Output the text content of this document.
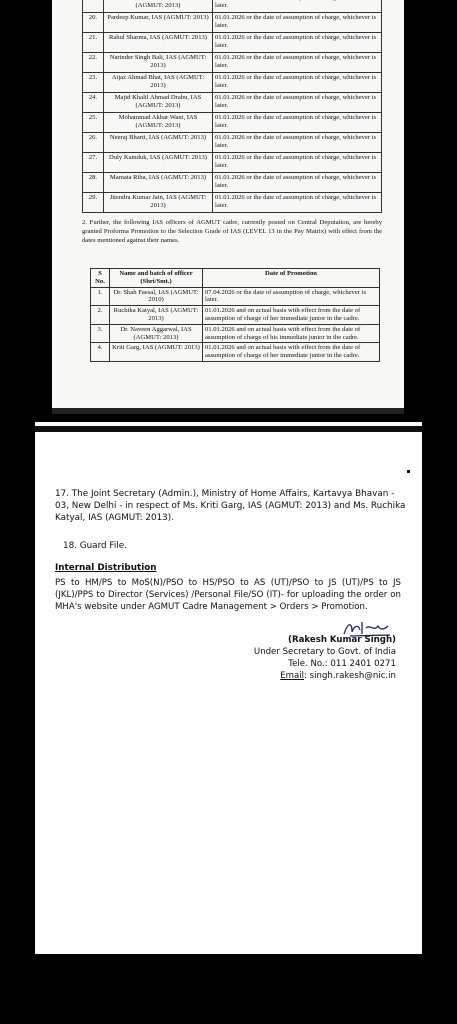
	(AGMUT: 2013)	later.
20.	Pardeep Kumar, IAS (AGMUT: 2013)	01.01.2026 or the date of assumption of charge, whichever is later.
21.	Rahul Sharma, IAS (AGMUT: 2013)	01.01.2026 or the date of assumption of charge, whichever is later.
22.	Narinder Singh Bali, IAS (AGMUT: 2013)	01.01.2026 or the date of assumption of charge, whichever is later.
23.	Aijaz Ahmad Bhat, IAS (AGMUT: 2013)	01.01.2026 or the date of assumption of charge, whichever is later.
24.	Majid Khalil Ahmad Drabu, IAS (AGMUT: 2013)	01.01.2026 or the date of assumption of charge, whichever is later.
25.	Mohammad Akbar Wani, IAS (AGMUT: 2013)	01.01.2026 or the date of assumption of charge, whichever is later.
26.	Neeraj Bharti, IAS (AGMUT: 2013)	01.01.2026 or the date of assumption of charge, whichever is later.
27.	Duly Kamduk, IAS (AGMUT: 2013)	01.01.2026 or the date of assumption of charge, whichever is later.
28.	Mamata Riba, IAS (AGMUT: 2013)	01.01.2026 or the date of assumption of charge, whichever is later.
29.	Jitendra Kumar Jain, IAS (AGMUT: 2013)	01.01.2026 or the date of assumption of charge, whichever is later.
2. Further, the following IAS officers of AGMUT cadre, currently posted on Central Deputation, are hereby granted Proforma Promotion to the Selection Grade of IAS (LEVEL 13 in the Pay Matrix) with effect from the dates mentioned against their names.
S No.	Name and batch of officer (Shri/Smt.)	Date of Promotion
1.	Dr. Shah Faesal, IAS (AGMUT: 2010)	07.04.2026 or the date of assumption of charge, whichever is later.
2.	Ruchika Katyal, IAS (AGMUT: 2013)	01.01.2026 and on actual basis with effect from the date of assumption of charge of her immediate junior in the cadre.
3.	Dr. Naveen Aggarwal, IAS (AGMUT: 2013)	01.01.2026 and on actual basis with effect from the date of assumption of charge of his immediate junior in the cadre.
4.	Kriti Garg, IAS (AGMUT: 2013)	01.01.2026 and on actual basis with effect from the date of assumption of charge of her immediate junior in the cadre.
17. The Joint Secretary (Admin.), Ministry of Home Affairs, Kartavya Bhavan - 03, New Delhi - in respect of Ms. Kriti Garg, IAS (AGMUT: 2013) and Ms. Ruchika Katyal, IAS (AGMUT: 2013).
18. Guard File.
Internal Distribution
PS to HM/PS to MoS(N)/PSO to HS/PSO to AS (UT)/PSO to JS (UT)/PS to JS (JKL)/PPS to Director (Services) /Personal File/SO (IT)- for uploading the order on MHA's website under AGMUT Cadre Management > Orders > Promotion.
(Rakesh Kumar Singh)
Under Secretary to Govt. of India
Tele. No.: 011 2401 0271
Email: singh.rakesh@nic.in
